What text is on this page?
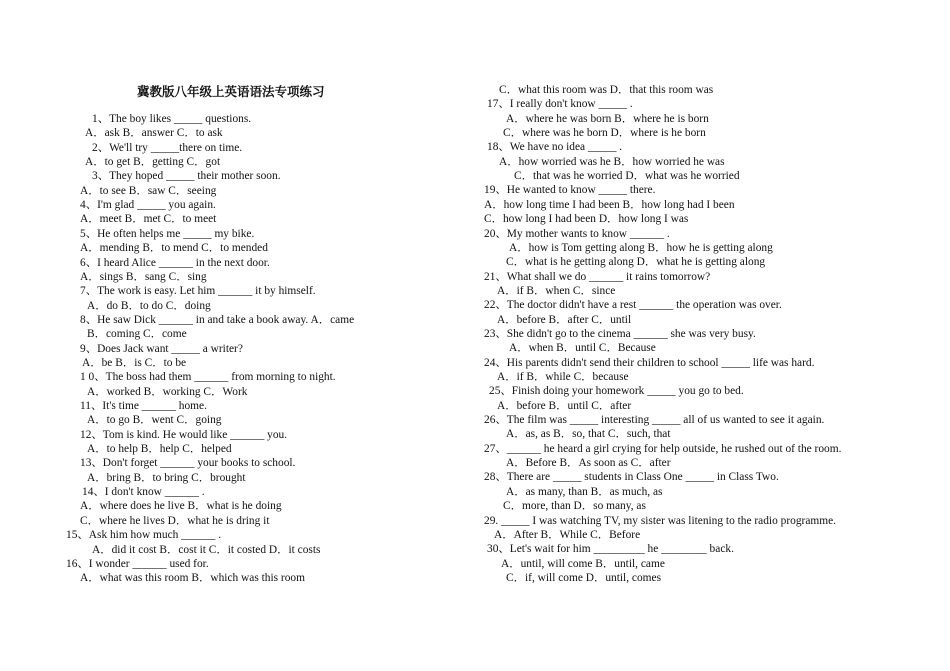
冀教版八年级上英语语法专项练习
1、The boy likes _____ questions.
A．ask B．answer C．to ask
2、We'll try _____there on time.
A．to get B．getting C．got
3、They hoped _____ their mother soon.
A．to see B．saw C．seeing
4、I'm glad _____ you again.
A．meet B．met C．to meet
5、He often helps me _____ my bike.
A．mending B．to mend C．to mended
6、I heard Alice ______ in the next door.
A．sings B．sang C．sing
7、The work is easy. Let him ______ it by himself.
A．do B．to do C．doing
8、He saw Dick ______ in and take a book away. A．came
B．coming C．come
9、Does Jack want _____ a writer?
A．be B．is C．to be
1 0、The boss had them ______ from morning to night.
A．worked B．working C．Work
11、It's time ______ home.
A．to go B．went C．going
12、Tom is kind. He would like ______ you.
A．to help B．help C．helped
13、Don't forget ______ your books to school.
A．bring B．to bring C．brought
14、I don't know ______ .
A．where does he live B．what is he doing
C．where he lives D．what he is dring it
15、Ask him how much ______ .
A．did it cost B．cost it C．it costed D．it costs
16、I wonder ______ used for.
A．what was this room B．which was this room
C．what this room was D．that this room was
17、I really don't know _____ .
A．where he was born B．where he is born
C．where was he born D．where is he born
18、We have no idea _____ .
A．how worried was he B．how worried he was
C．that was he worried D．what was he worried
19、He wanted to know _____ there.
A．how long time I had been B．how long had I been
C．how long I had been D．how long I was
20、My mother wants to know ______ .
A．how is Tom getting along B．how he is getting along
C．what is he getting along D．what he is getting along
21、What shall we do ______ it rains tomorrow?
A．if B．when C．since
22、The doctor didn't have a rest ______ the operation was over.
A．before B．after C．until
23、She didn't go to the cinema ______ she was very busy.
A．when B．until C．Because
24、His parents didn't send their children to school _____ life was hard.
A．if B．while C．because
25、Finish doing your homework _____ you go to bed.
A．before B．until C．after
26、The film was _____ interesting _____ all of us wanted to see it again.
A．as, as B．so, that C．such, that
27、______ he heard a girl crying for help outside, he rushed out of the room.
A．Before B．As soon as C．after
28、There are _____ students in Class One _____ in Class Two.
A．as many, than B．as much, as
C．more, than D．so many, as
29. _____ I was watching TV, my sister was litening to the radio programme.
A．After B．While C．Before
30、Let's wait for him _________ he ________ back.
A．until, will come B．until, came
C．if, will come D．until, comes
